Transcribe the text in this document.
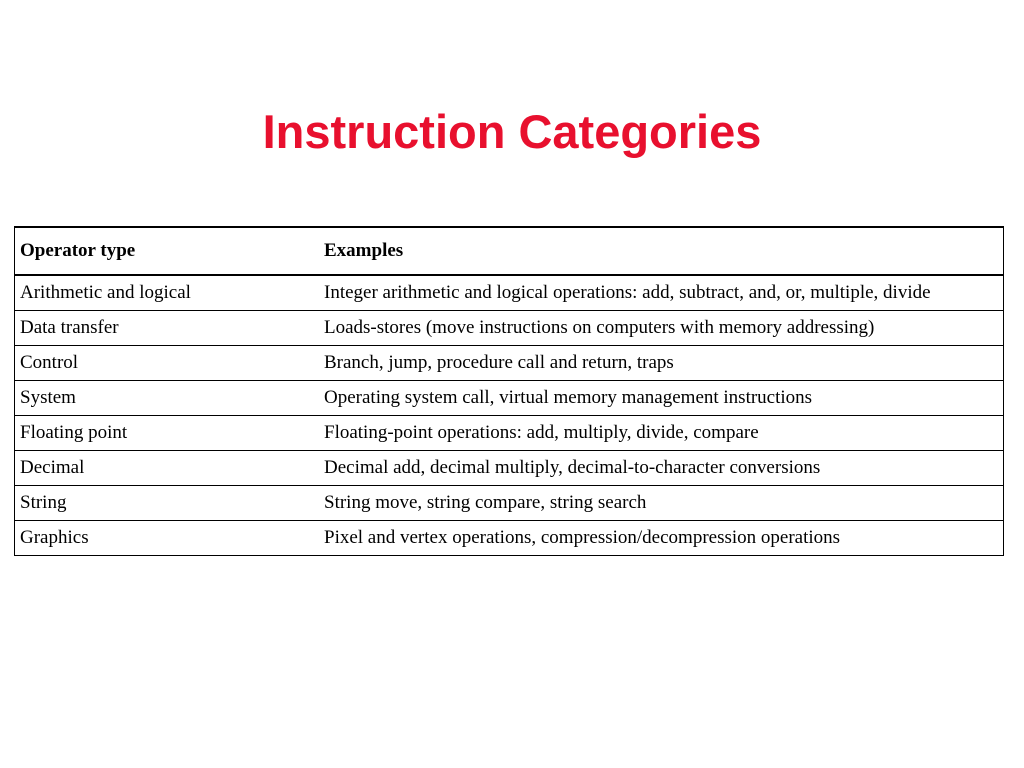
Instruction Categories
Operator type	Examples
Arithmetic and logical	Integer arithmetic and logical operations: add, subtract, and, or, multiple, divide
Data transfer	Loads-stores (move instructions on computers with memory addressing)
Control	Branch, jump, procedure call and return, traps
System	Operating system call, virtual memory management instructions
Floating point	Floating-point operations: add, multiply, divide, compare
Decimal	Decimal add, decimal multiply, decimal-to-character conversions
String	String move, string compare, string search
Graphics	Pixel and vertex operations, compression/decompression operations
